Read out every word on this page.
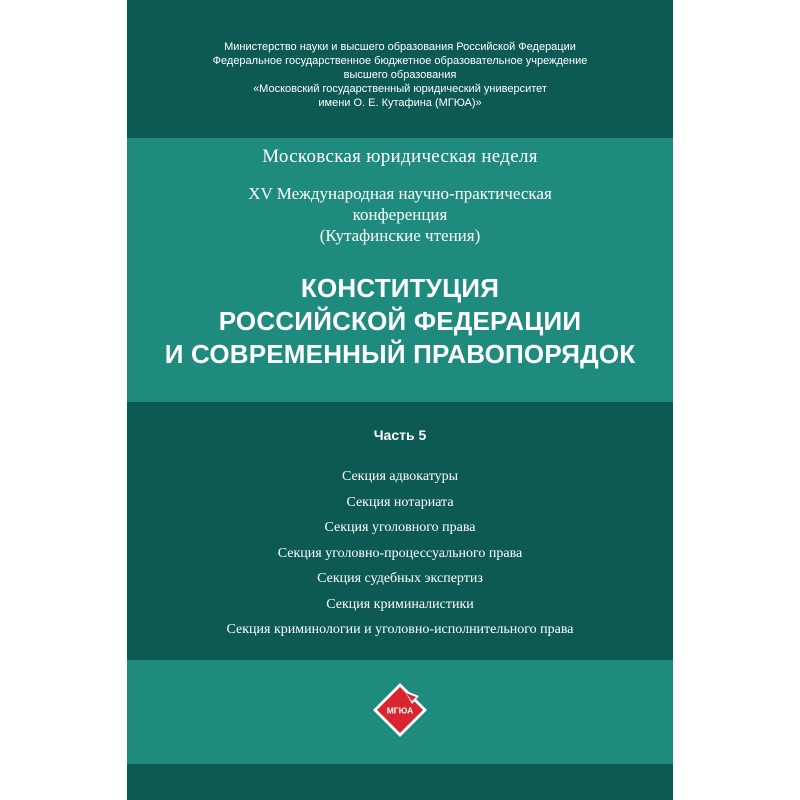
Министерство науки и высшего образования Российской Федерации
Федеральное государственное бюджетное образовательное учреждение
высшего образования
«Московский государственный юридический университет
имени О. Е. Кутафина (МГЮА)»
Московская юридическая неделя
XV Международная научно-практическая
конференция
(Кутафинские чтения)
КОНСТИТУЦИЯ
РОССИЙСКОЙ ФЕДЕРАЦИИ
И СОВРЕМЕННЫЙ ПРАВОПОРЯДОК
Часть 5
Секция адвокатуры
Секция нотариата
Секция уголовного права
Секция уголовно-процессуального права
Секция судебных экспертиз
Секция криминалистики
Секция криминологии и уголовно-исполнительного права
МГЮА
